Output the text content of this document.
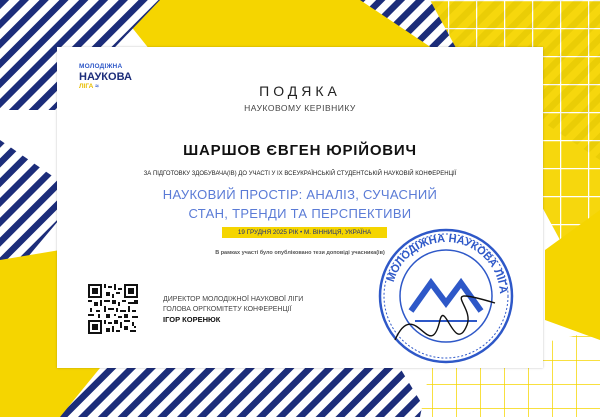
МОЛОДІЖНА
НАУКОВА
ЛІГА ≈	ПОДЯКА
НАУКОВОМУ КЕРІВНИКУ
ШАРШОВ ЄВГЕН ЮРІЙОВИЧ
ЗА ПІДГОТОВКУ ЗДОБУВАЧА(ІВ) ДО УЧАСТІ У IX ВСЕУКРАЇНСЬКІЙ СТУДЕНТСЬКІЙ НАУКОВІЙ КОНФЕРЕНЦІЇ
НАУКОВИЙ ПРОСТІР: АНАЛІЗ, СУЧАСНИЙ
СТАН, ТРЕНДИ ТА ПЕРСПЕКТИВИ
19 ГРУДНЯ 2025 РІК • М. ВІННИЦЯ, УКРАЇНА
В рамках участі було опубліковано тези доповіді учасника(ів)
ДИРЕКТОР МОЛОДІЖНОЇ НАУКОВОЇ ЛІГИ
ГОЛОВА ОРГКОМІТЕТУ КОНФЕРЕНЦІЇ
ІГОР КОРЕНЮК
МОЛОДІЖНА НАУКОВА ЛІГА
